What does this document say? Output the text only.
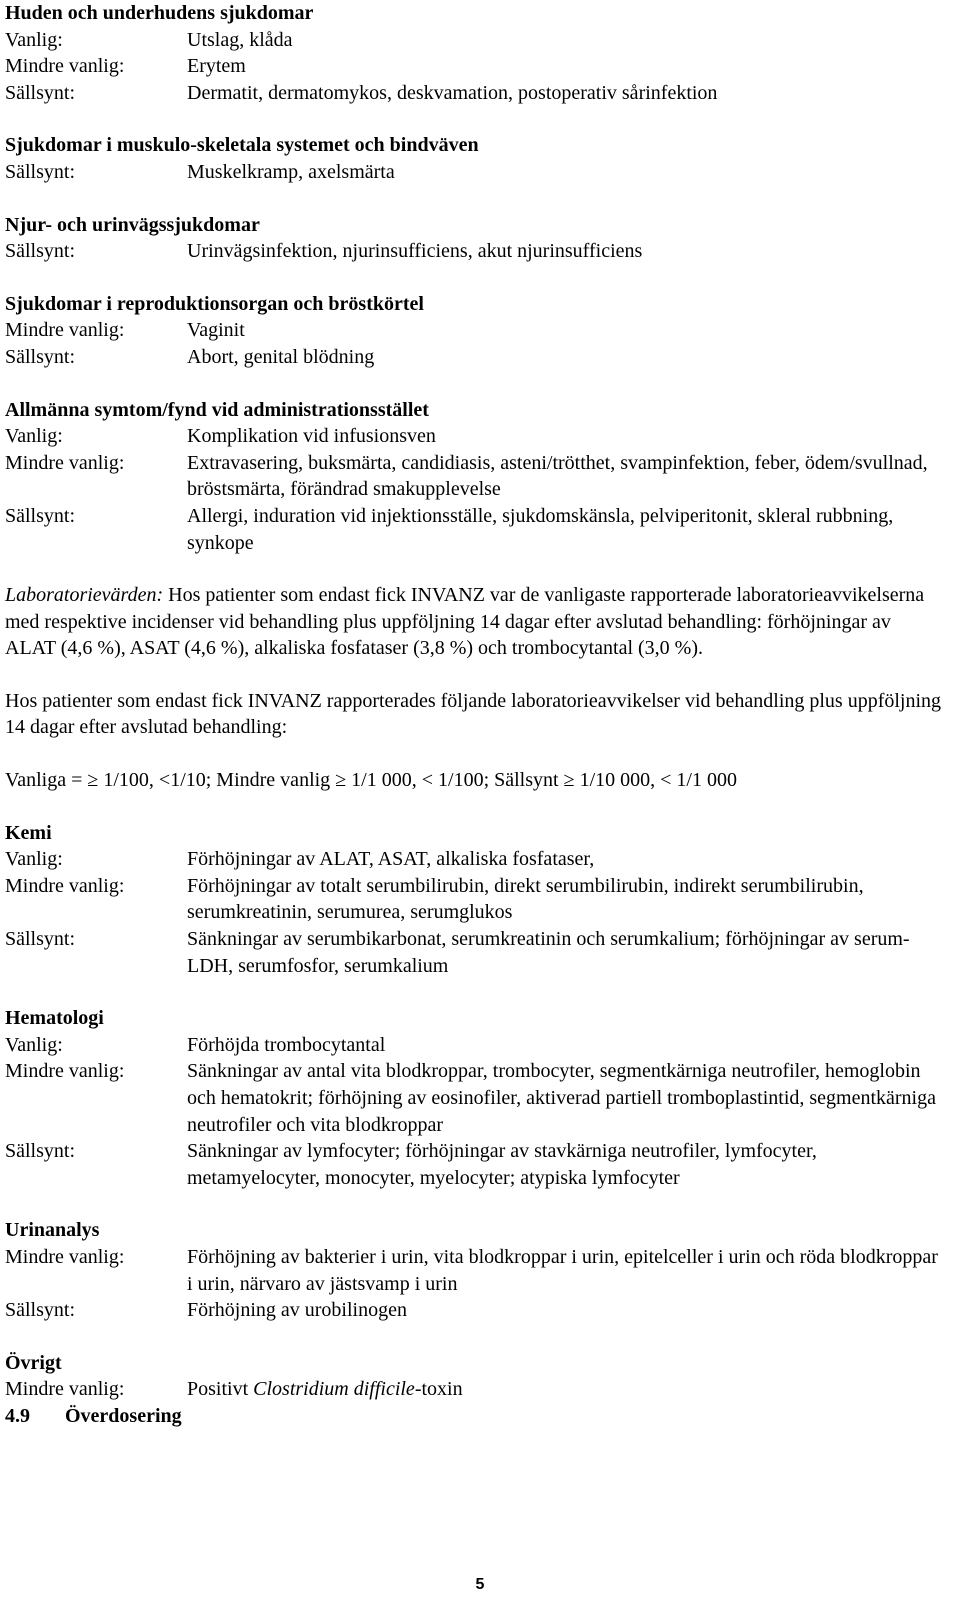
Huden och underhudens sjukdomar

Vanlig:	Utslag, klåda
Mindre vanlig:	Erytem
Sällsynt:	Dermatit, dermatomykos, deskvamation, postoperativ sårinfektion

Sjukdomar i muskulo-skeletala systemet och bindväven

Sällsynt:	Muskelkramp, axelsmärta

Njur- och urinvägssjukdomar

Sällsynt:	Urinvägsinfektion, njurinsufficiens, akut njurinsufficiens

Sjukdomar i reproduktionsorgan och bröstkörtel

Mindre vanlig:	Vaginit
Sällsynt:	Abort, genital blödning

Allmänna symtom/fynd vid administrationsstället

Vanlig:	Komplikation vid infusionsven
Mindre vanlig:	Extravasering, buksmärta, candidiasis, asteni/trötthet, svampinfektion, feber, ödem/svullnad, bröstsmärta, förändrad smakupplevelse
Sällsynt:	Allergi, induration vid injektionsställe, sjukdomskänsla, pelviperitonit, skleral rubbning, synkope

Laboratorievärden: Hos patienter som endast fick INVANZ var de vanligaste rapporterade laboratorieavvikelserna med respektive incidenser vid behandling plus uppföljning 14 dagar efter avslutad behandling: förhöjningar av ALAT (4,6 %), ASAT (4,6 %), alkaliska fosfataser (3,8 %) och trombocytantal (3,0 %).

Hos patienter som endast fick INVANZ rapporterades följande laboratorieavvikelser vid behandling plus uppföljning 14 dagar efter avslutad behandling:

Vanliga = ≥ 1/100, <1/10; Mindre vanlig ≥ 1/1 000, < 1/100; Sällsynt ≥ 1/10 000, < 1/1 000

Kemi

Vanlig:	Förhöjningar av ALAT, ASAT, alkaliska fosfataser,
Mindre vanlig:	Förhöjningar av totalt serumbilirubin, direkt serumbilirubin, indirekt serumbilirubin, serumkreatinin, serumurea, serumglukos
Sällsynt:	Sänkningar av serumbikarbonat, serumkreatinin och serumkalium; förhöjningar av serum-LDH, serumfosfor, serumkalium

Hematologi

Vanlig:	Förhöjda trombocytantal
Mindre vanlig:	Sänkningar av antal vita blodkroppar, trombocyter, segmentkärniga neutrofiler, hemoglobin och hematokrit; förhöjning av eosinofiler, aktiverad partiell tromboplastintid, segmentkärniga neutrofiler och vita blodkroppar
Sällsynt:	Sänkningar av lymfocyter; förhöjningar av stavkärniga neutrofiler, lymfocyter, metamyelocyter, monocyter, myelocyter; atypiska lymfocyter

Urinanalys

Mindre vanlig:	Förhöjning av bakterier i urin, vita blodkroppar i urin, epitelceller i urin och röda blodkroppar i urin, närvaro av jästsvamp i urin
Sällsynt:	Förhöjning av urobilinogen

Övrigt

Mindre vanlig:	Positivt Clostridium difficile-toxin

4.9 Överdosering

5
